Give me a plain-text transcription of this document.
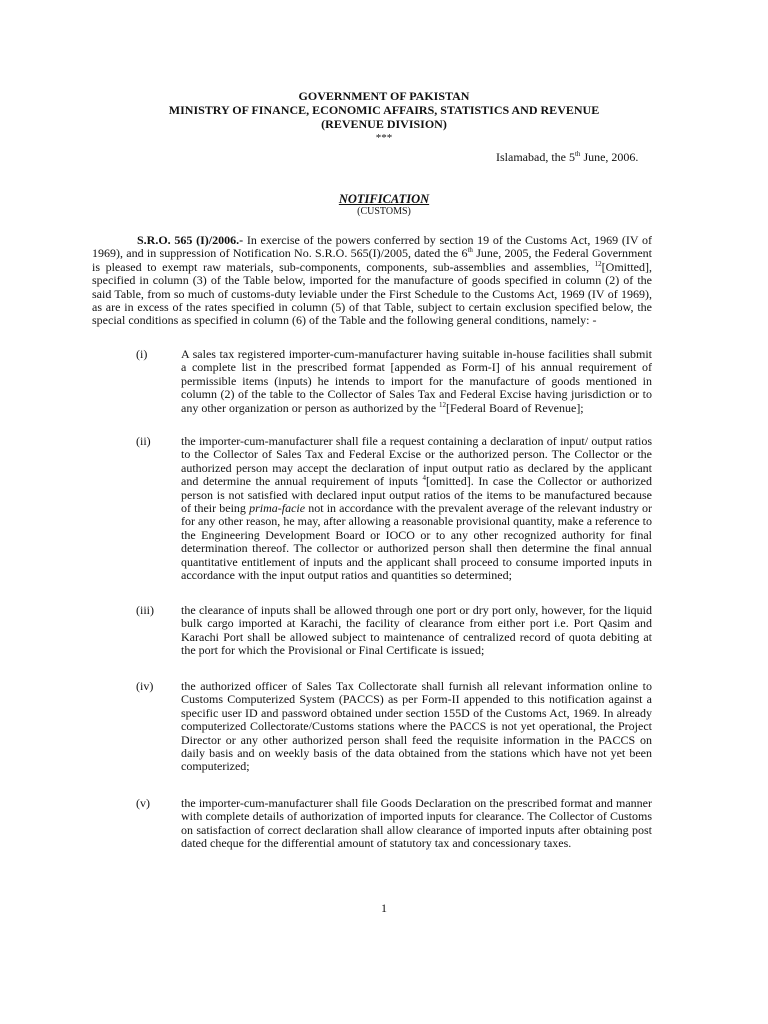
GOVERNMENT OF PAKISTAN
MINISTRY OF FINANCE, ECONOMIC AFFAIRS, STATISTICS AND REVENUE
(REVENUE DIVISION)
***
Islamabad, the 5th June, 2006.
NOTIFICATION
(CUSTOMS)
S.R.O. 565 (I)/2006.- In exercise of the powers conferred by section 19 of the Customs Act, 1969 (IV of 1969), and in suppression of Notification No. S.R.O. 565(I)/2005, dated the 6th June, 2005, the Federal Government is pleased to exempt raw materials, sub-components, components, sub-assemblies and assemblies, $^{12}$[Omitted], specified in column (3) of the Table below, imported for the manufacture of goods specified in column (2) of the said Table, from so much of customs-duty leviable under the First Schedule to the Customs Act, 1969 (IV of 1969), as are in excess of the rates specified in column (5) of that Table, subject to certain exclusion specified below, the special conditions as specified in column (6) of the Table and the following general conditions, namely: -
(i)	A sales tax registered importer-cum-manufacturer having suitable in-house facilities shall submit a complete list in the prescribed format [appended as Form-I] of his annual requirement of permissible items (inputs) he intends to import for the manufacture of goods mentioned in column (2) of the table to the Collector of Sales Tax and Federal Excise having jurisdiction or to any other organization or person as authorized by the $^{12}$[Federal Board of Revenue];
(ii)	the importer-cum-manufacturer shall file a request containing a declaration of input/ output ratios to the Collector of Sales Tax and Federal Excise or the authorized person. The Collector or the authorized person may accept the declaration of input output ratio as declared by the applicant and determine the annual requirement of inputs $^4$[omitted]. In case the Collector or authorized person is not satisfied with declared input output ratios of the items to be manufactured because of their being prima-facie not in accordance with the prevalent average of the relevant industry or for any other reason, he may, after allowing a reasonable provisional quantity, make a reference to the Engineering Development Board or IOCO or to any other recognized authority for final determination thereof. The collector or authorized person shall then determine the final annual quantitative entitlement of inputs and the applicant shall proceed to consume imported inputs in accordance with the input output ratios and quantities so determined;
(iii) the clearance of inputs shall be allowed through one port or dry port only, however, for the liquid bulk cargo imported at Karachi, the facility of clearance from either port i.e. Port Qasim and Karachi Port shall be allowed subject to maintenance of centralized record of quota debiting at the port for which the Provisional or Final Certificate is issued;
(iv) the authorized officer of Sales Tax Collectorate shall furnish all relevant information online to Customs Computerized System (PACCS) as per Form-II appended to this notification against a specific user ID and password obtained under section 155D of the Customs Act, 1969. In already computerized Collectorate/Customs stations where the PACCS is not yet operational, the Project Director or any other authorized person shall feed the requisite information in the PACCS on daily basis and on weekly basis of the data obtained from the stations which have not yet been computerized;
(v)	the importer-cum-manufacturer shall file Goods Declaration on the prescribed format and manner with complete details of authorization of imported inputs for clearance. The Collector of Customs on satisfaction of correct declaration shall allow clearance of imported inputs after obtaining post dated cheque for the differential amount of statutory tax and concessionary taxes.
1
